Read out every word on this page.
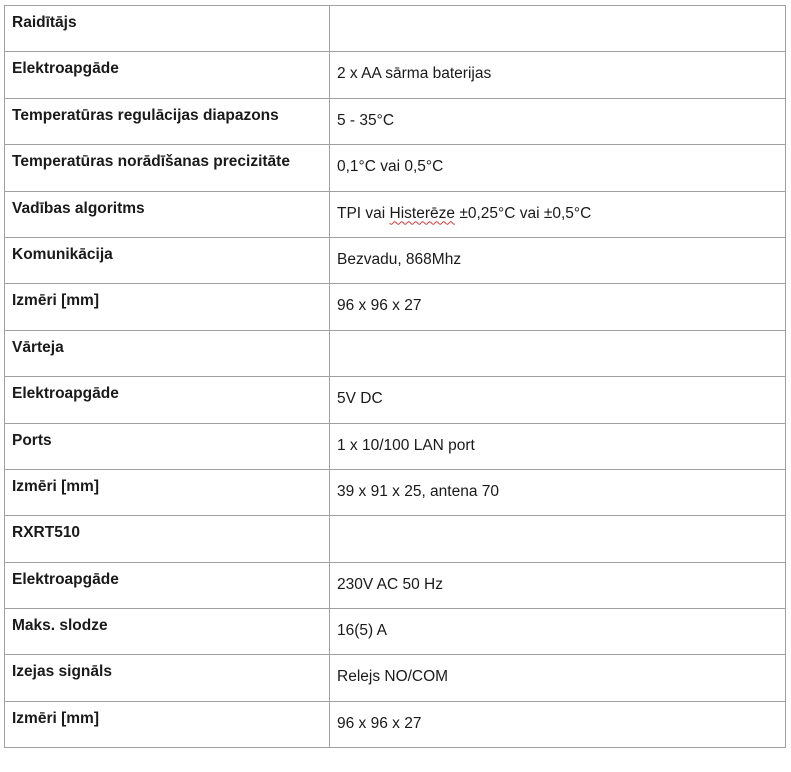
Raidītājs	
Elektroapgāde	2 x AA sārma baterijas
Temperatūras regulācijas diapazons	5 - 35°C
Temperatūras norādīšanas precizitāte	0,1°C vai 0,5°C
Vadības algoritms	TPI vai Histerēze ±0,25°C vai ±0,5°C
Komunikācija	Bezvadu, 868Mhz
Izmēri [mm]	96 x 96 x 27
Vārteja	
Elektroapgāde	5V DC
Ports	1 x 10/100 LAN port
Izmēri [mm]	39 x 91 x 25, antena 70
RXRT510	
Elektroapgāde	230V AC 50 Hz
Maks. slodze	16(5) A
Izejas signāls	Relejs NO/COM
Izmēri [mm]	96 x 96 x 27
